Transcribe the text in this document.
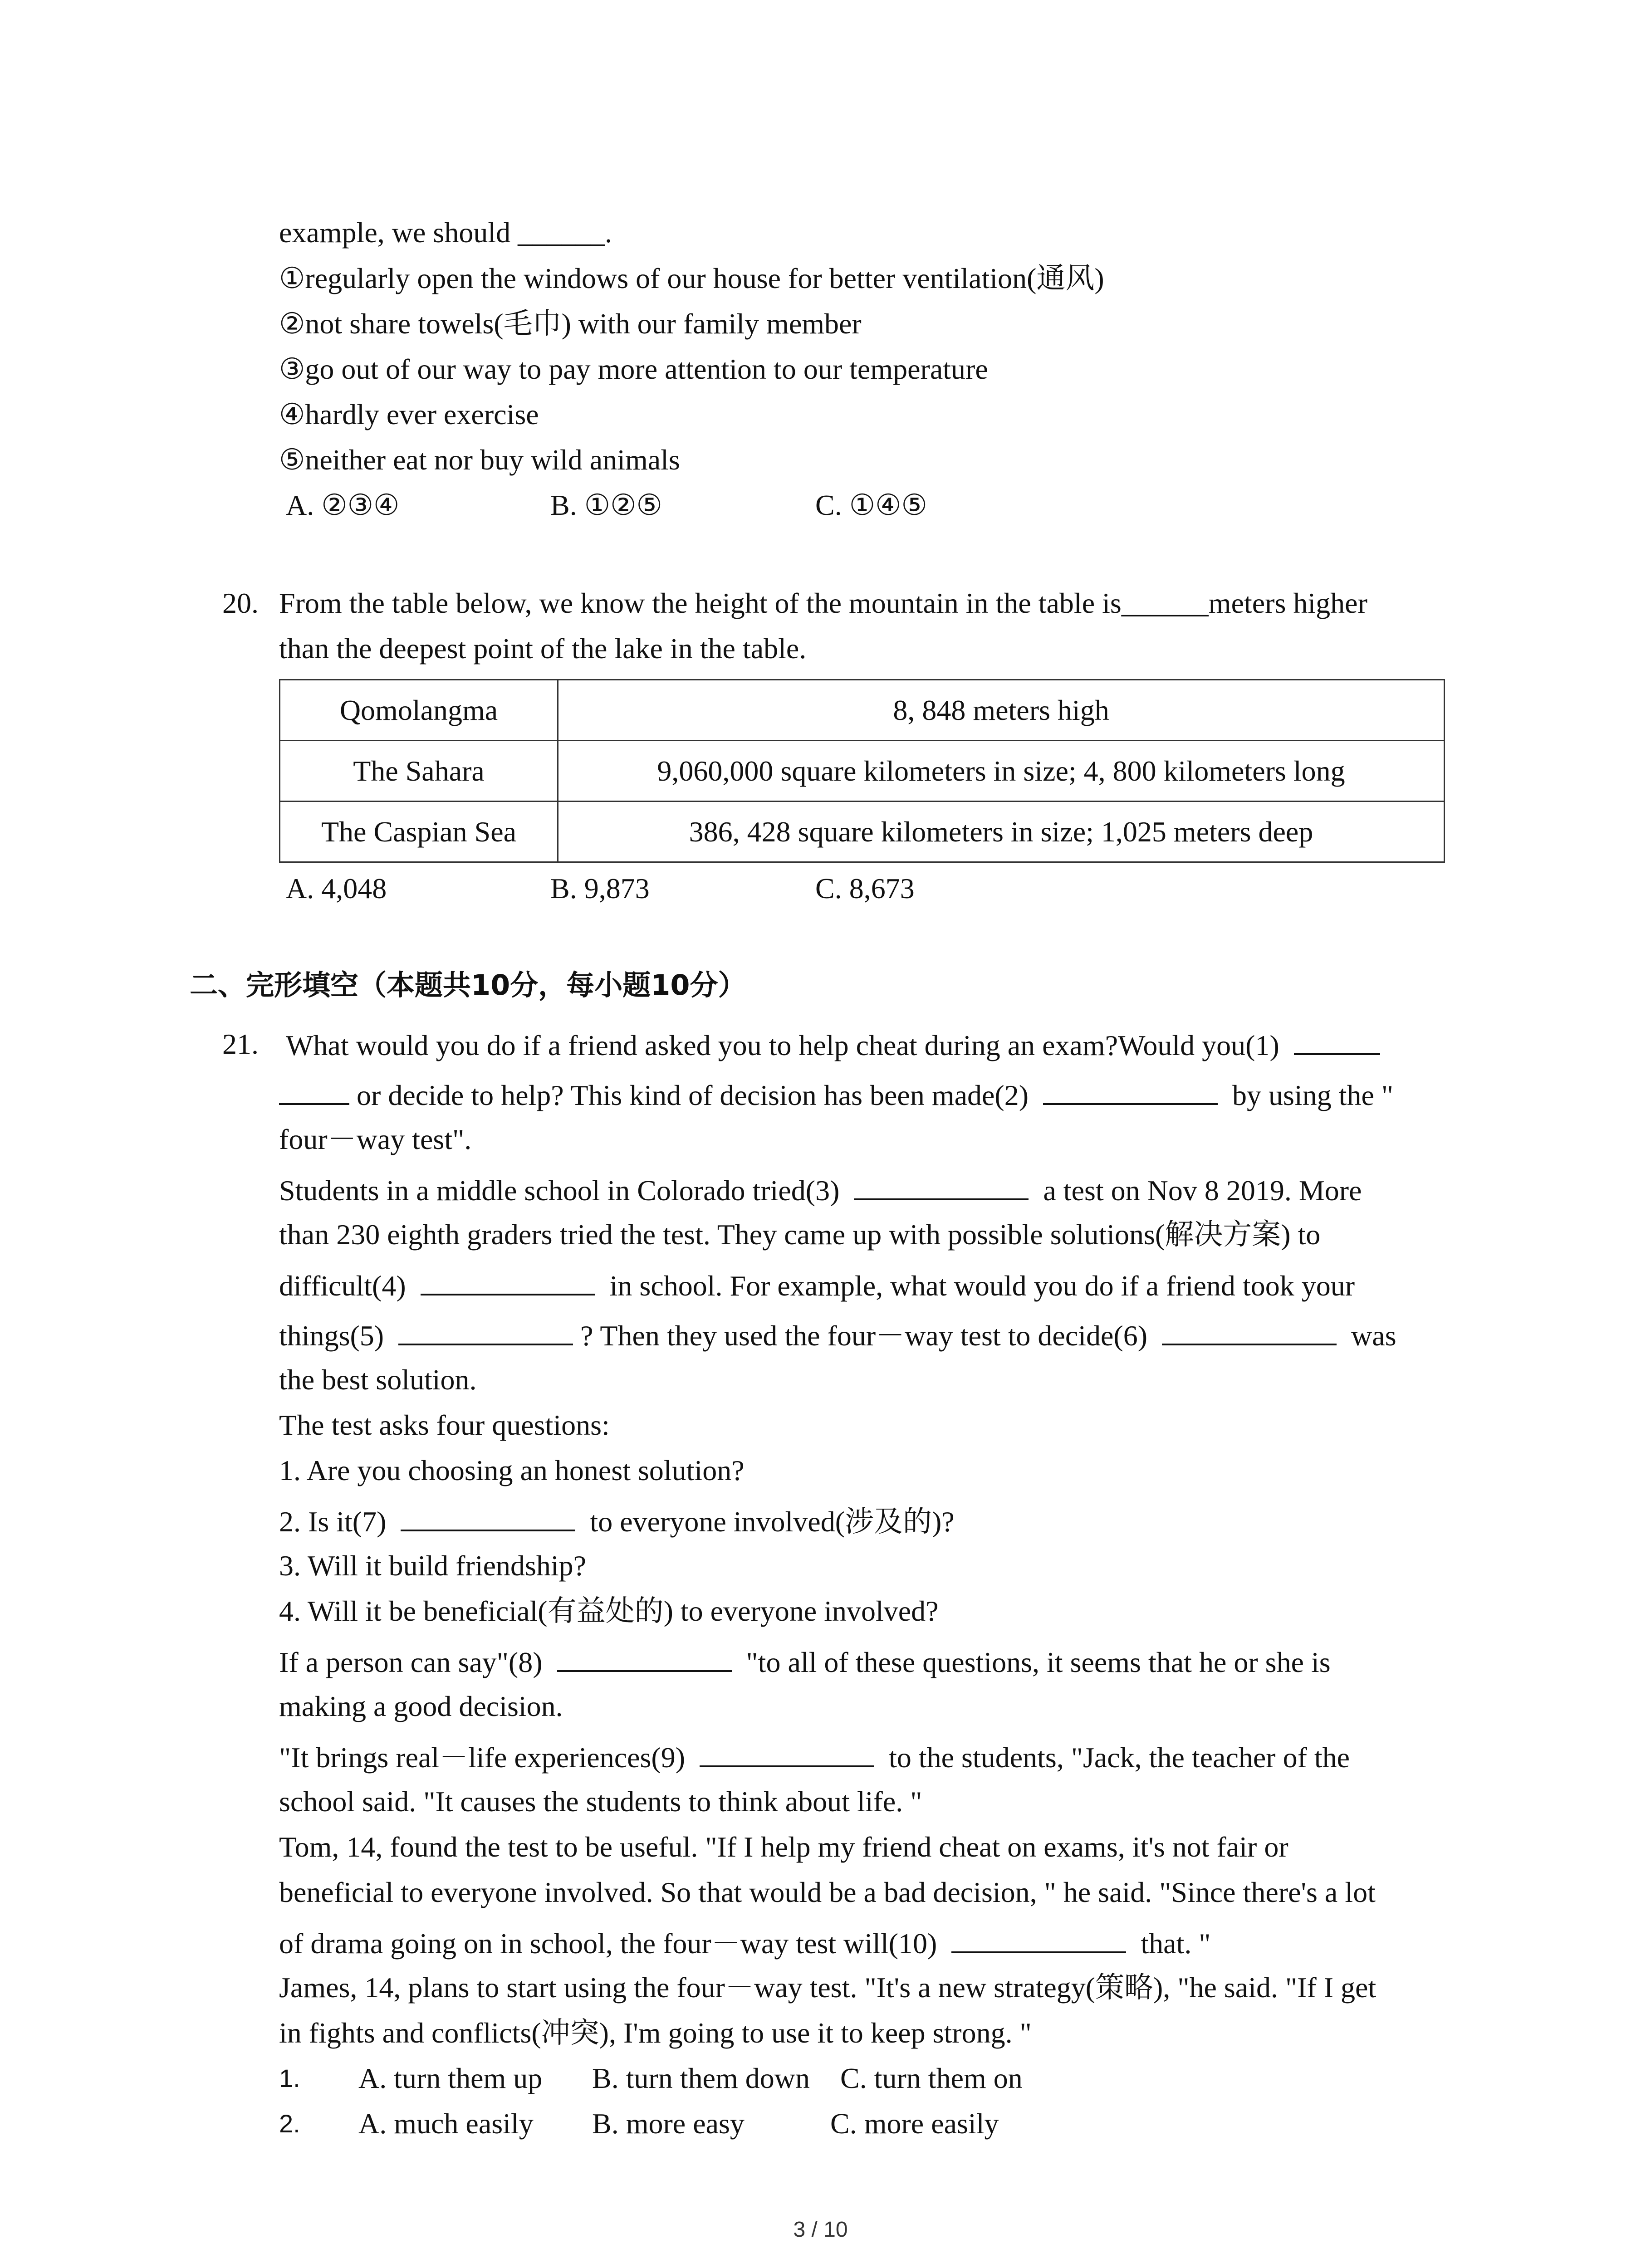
example, we should ______.
①regularly open the windows of our house for better ventilation(通风)
②not share towels(毛巾) with our family member
③go out of our way to pay more attention to our temperature
④hardly ever exercise
⑤neither eat nor buy wild animals
A. ②③④	B. ①②⑤	C. ①④⑤
20. From the table below, we know the height of the mountain in the table is______meters higher
than the deepest point of the lake in the table.
Qomolangma	8, 848 meters high
The Sahara	9,060,000 square kilometers in size; 4, 800 kilometers long
The Caspian Sea	386, 428 square kilometers in size; 1,025 meters deep
A. 4,048	B. 9,873	C. 8,673
二、完形填空（本题共10分，每小题10分）
21. What would you do if a friend asked you to help cheat during an exam?Would you(1)
or decide to help? This kind of decision has been made(2)	by using the "
four－way test".
Students in a middle school in Colorado tried(3)	a test on Nov 8 2019. More
than 230 eighth graders tried the test. They came up with possible solutions(解决方案) to
difficult(4)	in school. For example, what would you do if a friend took your
things(5)	? Then they used the four－way test to decide(6)	was
the best solution.
The test asks four questions:
1. Are you choosing an honest solution?
2. Is it(7)	to everyone involved(涉及的)?
3. Will it build friendship?
4. Will it be beneficial(有益处的) to everyone involved?
If a person can say"(8)	"to all of these questions, it seems that he or she is
making a good decision.
"It brings real－life experiences(9)	to the students, "Jack, the teacher of the
school said. "It causes the students to think about life. "
Tom, 14, found the test to be useful. "If I help my friend cheat on exams, it's not fair or
beneficial to everyone involved. So that would be a bad decision, " he said. "Since there's a lot
of drama going on in school, the four－way test will(10)	that. "
James, 14, plans to start using the four－way test. "It's a new strategy(策略), "he said. "If I get
in fights and conflicts(冲突), I'm going to use it to keep strong. "
1. A. turn them up B. turn them down C. turn them on
2. A. much easily B. more easy	C. more easily
3 / 10
